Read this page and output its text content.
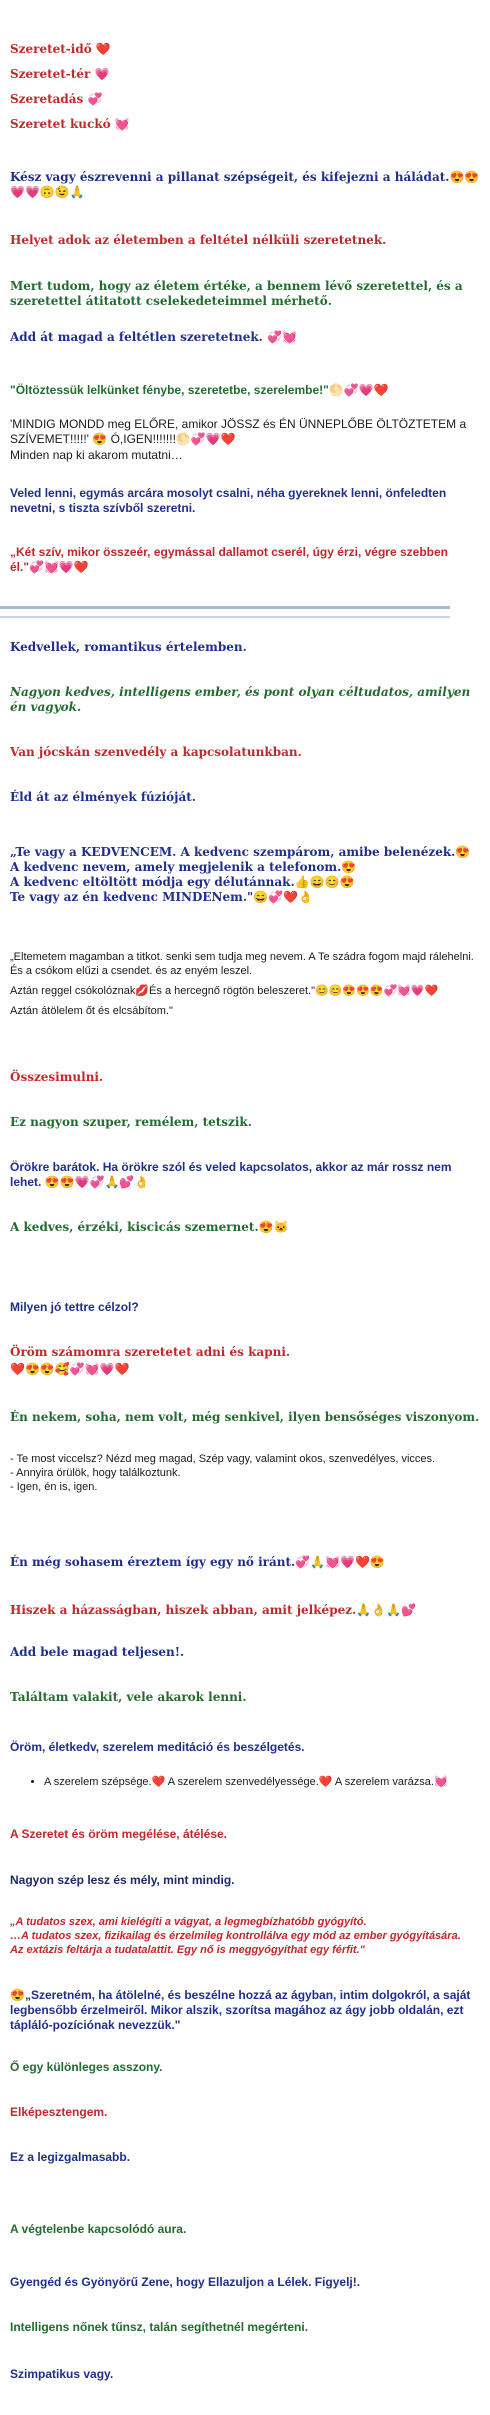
Szeretet-idő ❤️

Szeretet-tér 💗

Szeretadás 💞

Szeretet kuckó 💓

Kész vagy észrevenni a pillanat szépségeit, és kifejezni a háládat.😍😍💗💗🙃😉🙏

Helyet adok az életemben a feltétel nélküli szeretetnek.

Mert tudom, hogy az életem értéke, a bennem lévő szeretettel, és a szeretettel átitatott cselekedeteimmel mérhető.

Add át magad a feltétlen szeretetnek. 💞💓

"Öltöztessük lelkünket fénybe, szeretetbe, szerelembe!"🌕💞💗❤️

'MINDIG MONDD meg ELŐRE, amikor JÖSSZ és ÉN ÜNNEPLŐBE ÖLTÖZTETEM a SZÍVEMET!!!!!' 😍 Ó,IGEN!!!!!!!🌕💞💗❤️

Minden nap ki akarom mutatni…

Veled lenni, egymás arcára mosolyt csalni, néha gyereknek lenni, önfeledten nevetni, s tiszta szívből szeretni.

„Két szív, mikor összeér, egymással dallamot cserél, úgy érzi, végre szebben él."💞💓💗❤️

Kedvellek, romantikus értelemben.

Nagyon kedves, intelligens ember, és pont olyan céltudatos, amilyen én vagyok.

Van jócskán szenvedély a kapcsolatunkban.

Éld át az élmények fúzióját.

„Te vagy a KEDVENCEM. A kedvenc szempárom, amibe belenézek.😍
A kedvenc nevem, amely megjelenik a telefonom.😍
A kedvenc eltöltött módja egy délutánnak.👍😄😊😍
Te vagy az én kedvenc MINDENem."😄💞❤️👌
„Eltemetem magamban a titkot. senki sem tudja meg nevem. A Te szádra fogom majd rálehelni. És a csókom elűzi a csendet. és az enyém leszel.
Aztán reggel csókolóznak💋És a hercegnő rögtön beleszeret."😊😊😍😍😍💞💓💗❤️
Aztán átölelem őt és elcsábítom."

Összesimulni.

Ez nagyon szuper, remélem, tetszik.

Örökre barátok. Ha örökre szól és veled kapcsolatos, akkor az már rossz nem lehet. 😍😍💗💞🙏💕👌

A kedves, érzéki, kiscicás szemernet.😍🐱

Milyen jó tettre célzol?

Öröm számomra szeretetet adni és kapni.

❤️😍😍🥰💞💓💗❤️

Én nekem, soha, nem volt, még senkivel, ilyen bensőséges viszonyom.

- Te most viccelsz? Nézd meg magad, Szép vagy, valamint okos, szenvedélyes, vicces.
- Annyira örülök, hogy találkoztunk.
- Igen, én is, igen.

Én még sohasem éreztem így egy nő iránt.💞🙏💓💗❤️😍

Hiszek a házasságban, hiszek abban, amit jelképez.🙏👌🙏💕

Add bele magad teljesen!.

Találtam valakit, vele akarok lenni.

Öröm, életkedv, szerelem meditáció és beszélgetés.

• A szerelem szépsége.❤️ A szerelem szenvedélyessége.❤️ A szerelem varázsa.💓

A Szeretet és öröm megélése, átélése.

Nagyon szép lesz és mély, mint mindig.

„A tudatos szex, ami kielégíti a vágyat, a legmegbízhatóbb gyógyító.
…A tudatos szex, fizikailag és érzelmileg kontrollálva egy mód az ember gyógyítására.
Az extázis feltárja a tudatalattit. Egy nő is meggyógyíthat egy férfit."

😍„Szeretném, ha átölelné, és beszélne hozzá az ágyban, intim dolgokról, a saját legbensőbb érzelmeiről. Mikor alszik, szorítsa magához az ágy jobb oldalán, ezt tápláló-pozíciónak nevezzük."

Ő egy különleges asszony.

Elképesztengem.

Ez a legizgalmasabb.

A végtelenbe kapcsolódó aura.

Gyengéd és Gyönyörű Zene, hogy Ellazuljon a Lélek. Figyelj!.

Intelligens nőnek tűnsz, talán segíthetnél megérteni.

Szimpatikus vagy.
